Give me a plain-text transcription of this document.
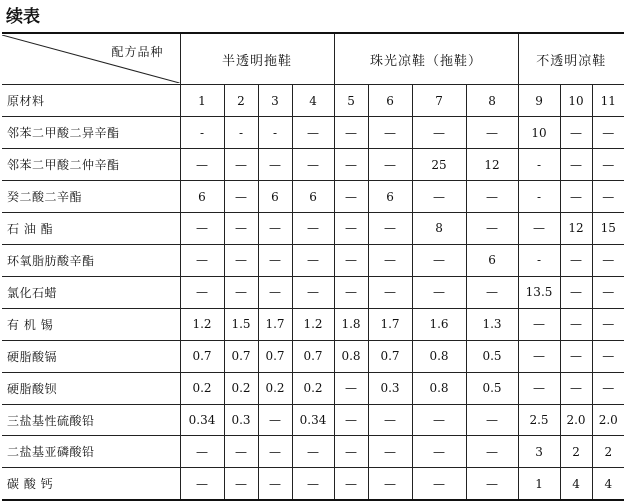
续表
配方品种	半透明拖鞋				珠光凉鞋（拖鞋）				不透明凉鞋		
原材料	1	2	3	4	5	6	7	8	9	10	11
邻苯二甲酸二异辛酯	-	-	-	—	—	—	—	—	10	—	—
邻苯二甲酸二仲辛酯	—	—	—	—	—	—	25	12	-	—	—
癸二酸二辛酯	6	—	6	6	—	6	—	—	-	—	—
石 油 酯	—	—	—	—	—	—	8	—	—	12	15
环氧脂肪酸辛酯	—	—	—	—	—	—	—	6	-	—	—
氯化石蜡	—	—	—	—	—	—	—	—	13.5	—	—
有 机 锡	1.2	1.5	1.7	1.2	1.8	1.7	1.6	1.3	—	—	—
硬脂酸镉	0.7	0.7	0.7	0.7	0.8	0.7	0.8	0.5	—	—	—
硬脂酸钡	0.2	0.2	0.2	0.2	—	0.3	0.8	0.5	—	—	—
三盐基性硫酸铅	0.34	0.3	—	0.34	—	—	—	—	2.5	2.0	2.0
二盐基亚磷酸铅	—	—	—	—	—	—	—	—	3	2	2
碳 酸 钙	—	—	—	—	—	—	—	—	1	4	4
